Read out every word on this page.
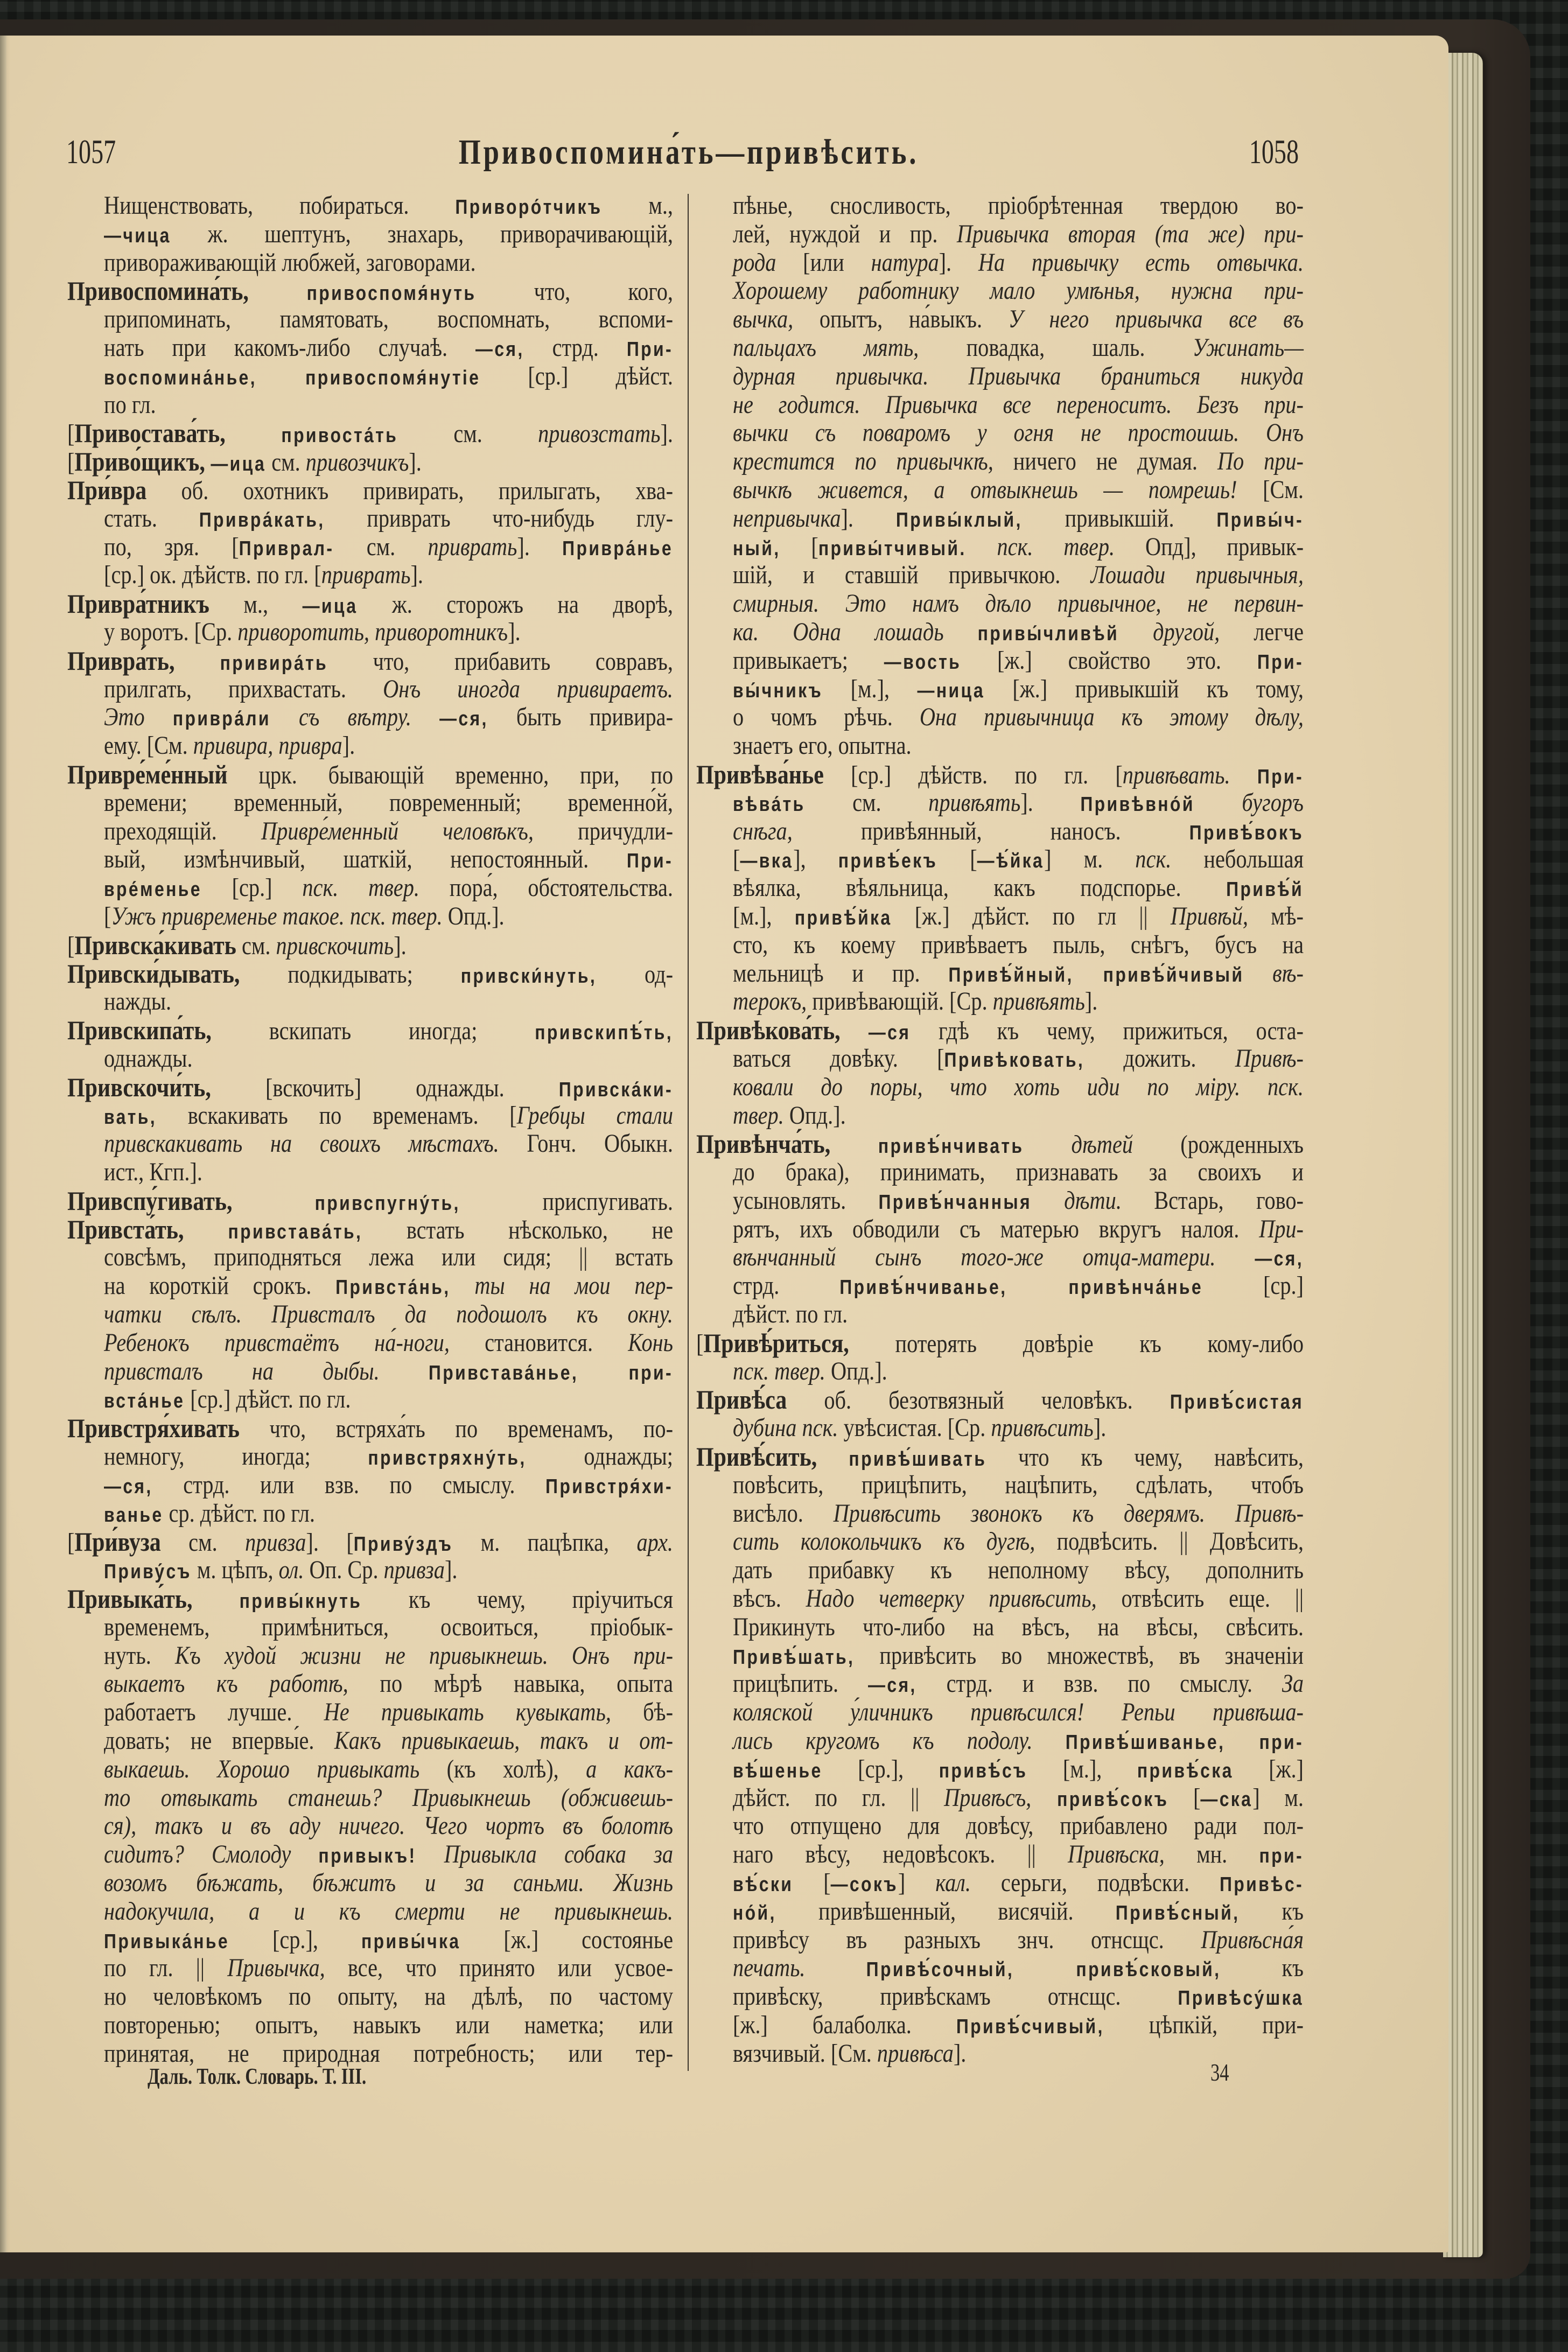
1057	Привоспомина́ть—привѣсить.	1058
Нищенствовать, побираться. Приворо́тчикъ м.,
—чица ж. шептунъ, знахарь, приворачивающій,
привораживающій любжей, заговорами.
Привоспомина́ть, привоспомя́нуть что, кого,
припоминать, памятовать, воспомнать, вспоми-
нать при какомъ-либо случаѣ. —ся, стрд. При-
воспомина́нье, привоспомя́нутіе [ср.] дѣйст.
по гл.
[Привостава́ть, привоста́ть см. привозстать].
[Приво́щикъ, —ица см. привозчикъ].
При́вра об. охотникъ привирать, прилыгать, хва-
стать. Привра́кать, приврать что-нибудь глу-
по, зря. [Приврал- см. приврать]. Привра́нье
[ср.] ок. дѣйств. по гл. [приврать].
Привра́тникъ м., —ица ж. сторожъ на дворѣ,
у воротъ. [Ср. приворотить, приворотникъ].
Привра́ть, привира́ть что, прибавить совравъ,
прилгать, прихвастать. Онъ иногда привираетъ.
Это привра́ли съ вѣтру. —ся, быть привира-
ему. [См. привира, привра].
Привре́ме́нный црк. бывающій временно, при, по
времени; временный, повременный; временно́й,
преходящій. Привре́менный человѣкъ, причудли-
вый, измѣнчивый, шаткій, непостоянный. При-
вре́менье [ср.] пск. твер. пора́, обстоятельства.
[Ужъ привременье такое. пск. твер. Опд.].
[Привска́кивать см. привскочить].
Привски́дывать, подкидывать; привски́нуть, од-
нажды.
Привскипа́ть, вскипать иногда; привскипѣ́ть,
однажды.
Привскочи́ть, [вскочить] однажды. Привска́ки-
вать, вскакивать по временамъ. [Гребцы стали
привскакивать на своихъ мѣстахъ. Гонч. Обыкн.
ист., Кгп.].
Привспу́гивать, привспугну́ть, приспугивать.
Привста́ть, привстава́ть, встать нѣсколько, не
совсѣмъ, приподняться лежа или сидя; || встать
на короткій срокъ. Привста́нь, ты на мои пер-
чатки сѣлъ. Привсталъ да подошолъ къ окну.
Ребенокъ привстаётъ на́-ноги, становится. Конь
привсталъ на дыбы. Привстава́нье, при-
вста́нье [ср.] дѣйст. по гл.
Привстря́хивать что, встряха́ть по временамъ, по-
немногу, иногда; привстряхну́ть, однажды;
—ся, стрд. или взв. по смыслу. Привстря́хи-
ванье ср. дѣйст. по гл.
[При́вуза см. привза]. [Приву́здъ м. пацѣпка, арх.
Приву́съ м. цѣпъ, ол. Оп. Ср. привза].
Привыка́ть, привы́кнуть къ чему, пріучиться
временемъ, примѣниться, освоиться, пріобык-
нуть. Къ худой жизни не привыкнешь. Онъ при-
выкаетъ къ работѣ, по мѣрѣ навыка, опыта
работаетъ лучше. Не привыкать кувыкать, бѣ-
довать; не впервы́е. Какъ привыкаешь, такъ и от-
выкаешь. Хорошо привыкать (къ холѣ), а какъ-
то отвыкать станешь? Привыкнешь (обживешь-
ся), такъ и въ аду ничего. Чего чортъ въ болотѣ
сидитъ? Смолоду привыкъ! Привыкла собака за
возомъ бѣжать, бѣжитъ и за саньми. Жизнь
надокучила, а и къ смерти не привыкнешь.
Привыка́нье [ср.], привы́чка [ж.] состоянье
по гл. || Привычка, все, что принято или усвое-
но человѣкомъ по опыту, на дѣлѣ, по частому
повторенью; опытъ, навыкъ или наметка; или
принятая, не природная потребность; или тер-
пѣнье, сносливость, пріобрѣтенная твердою во-
лей, нуждой и пр. Привычка вторая (та же) при-
рода [или натура]. На привычку есть отвычка.
Хорошему работнику мало умѣнья, нужна при-
вычка, опытъ, на́выкъ. У него привычка все въ
пальцахъ мять, повадка, шаль. Ужинать—
дурная привычка. Привычка браниться никуда
не годится. Привычка все переноситъ. Безъ при-
вычки съ поваромъ у огня не простоишь. Онъ
крестится по привычкѣ, ничего не думая. По при-
вычкѣ живется, а отвыкнешь — помрешь! [См.
непривычка]. Привы́клый, привыкшій. Привы́ч-
ный, [привы́тчивый. пск. твер. Опд], привык-
шій, и ставшій привычкою. Лошади привычныя,
смирныя. Это намъ дѣло привычное, не первин-
ка. Одна лошадь привы́чливѣй другой, легче
привыкаетъ; —вость [ж.] свойство это. При-
вы́чникъ [м.], —ница [ж.] привыкшій къ тому,
о чомъ рѣчь. Она привычница къ этому дѣлу,
знаетъ его, опытна.
Привѣва́нье [ср.] дѣйств. по гл. [привѣвать. При-
вѣва́ть см. привѣять]. Привѣвно́й бугоръ
снѣга, привѣянный, наносъ. Привѣ́вокъ
[—вка], привѣ́екъ [—ѣ́йка] м. пск. небольшая
вѣялка, вѣяльница, какъ подспорье. Привѣ́й
[м.], привѣ́йка [ж.] дѣйст. по гл || Привѣй, мѣ-
сто, къ коему привѣваетъ пыль, снѣгъ, бусъ на
мельницѣ и пр. Привѣ́йный, привѣ́йчивый вѣ-
терокъ, привѣвающій. [Ср. привѣять].
Привѣкова́ть, —ся гдѣ къ чему, прижиться, оста-
ваться довѣку. [Привѣковать, дожить. Привѣ-
ковали до поры, что хоть иди по міру. пск.
твер. Опд.].
Привѣнча́ть, привѣ́нчивать дѣтей (рожденныхъ
до брака), принимать, признавать за своихъ и
усыновлять. Привѣ́нчанныя дѣти. Встарь, гово-
рятъ, ихъ обводили съ матерью вкругъ налоя. При-
вѣнчанный сынъ того-же отца-матери. —ся,
стрд. Привѣ́нчиванье, привѣнча́нье [ср.]
дѣйст. по гл.
[Привѣ́риться, потерять довѣріе къ кому-либо
пск. твер. Опд.].
Привѣ́са об. безотвязный человѣкъ. Привѣ́систая
дубина пск. увѣсистая. [Ср. привѣсить].
Привѣ́сить, привѣ́шивать что къ чему, навѣсить,
повѣсить, прицѣпить, нацѣпить, сдѣлать, чтобъ
висѣло. Привѣсить звонокъ къ дверямъ. Привѣ-
сить колокольчикъ къ дугѣ, подвѣсить. || Довѣсить,
дать прибавку къ неполному вѣсу, дополнить
вѣсъ. Надо четверку привѣсить, отвѣсить еще. ||
Прикинуть что-либо на вѣсъ, на вѣсы, свѣсить.
Привѣ́шать, привѣсить во множествѣ, въ значеніи
прицѣпить. —ся, стрд. и взв. по смыслу. За
коляской у́личникъ привѣсился! Репьи привѣша-
лись кругомъ къ подолу. Привѣ́шиванье, при-
вѣ́шенье [ср.], привѣ́съ [м.], привѣ́ска [ж.]
дѣйст. по гл. || Привѣсъ, привѣ́сокъ [—ска] м.
что отпущено для довѣсу, прибавлено ради пол-
наго вѣсу, недовѣсокъ. || Привѣска, мн. при-
вѣ́ски [—сокъ] кал. серьги, подвѣски. Привѣс-
но́й, привѣшенный, висячій. Привѣ́сный, къ
привѣсу въ разныхъ знч. отнсщс. Привѣсна́я
печать. Привѣ́сочный, привѣ́сковый, къ
привѣску, привѣскамъ отнсщс. Привѣсу́шка
[ж.] балаболка. Привѣ́счивый, цѣпкій, при-
вязчивый. [См. привѣса].
Даль. Толк. Словарь. Т. III.	34
